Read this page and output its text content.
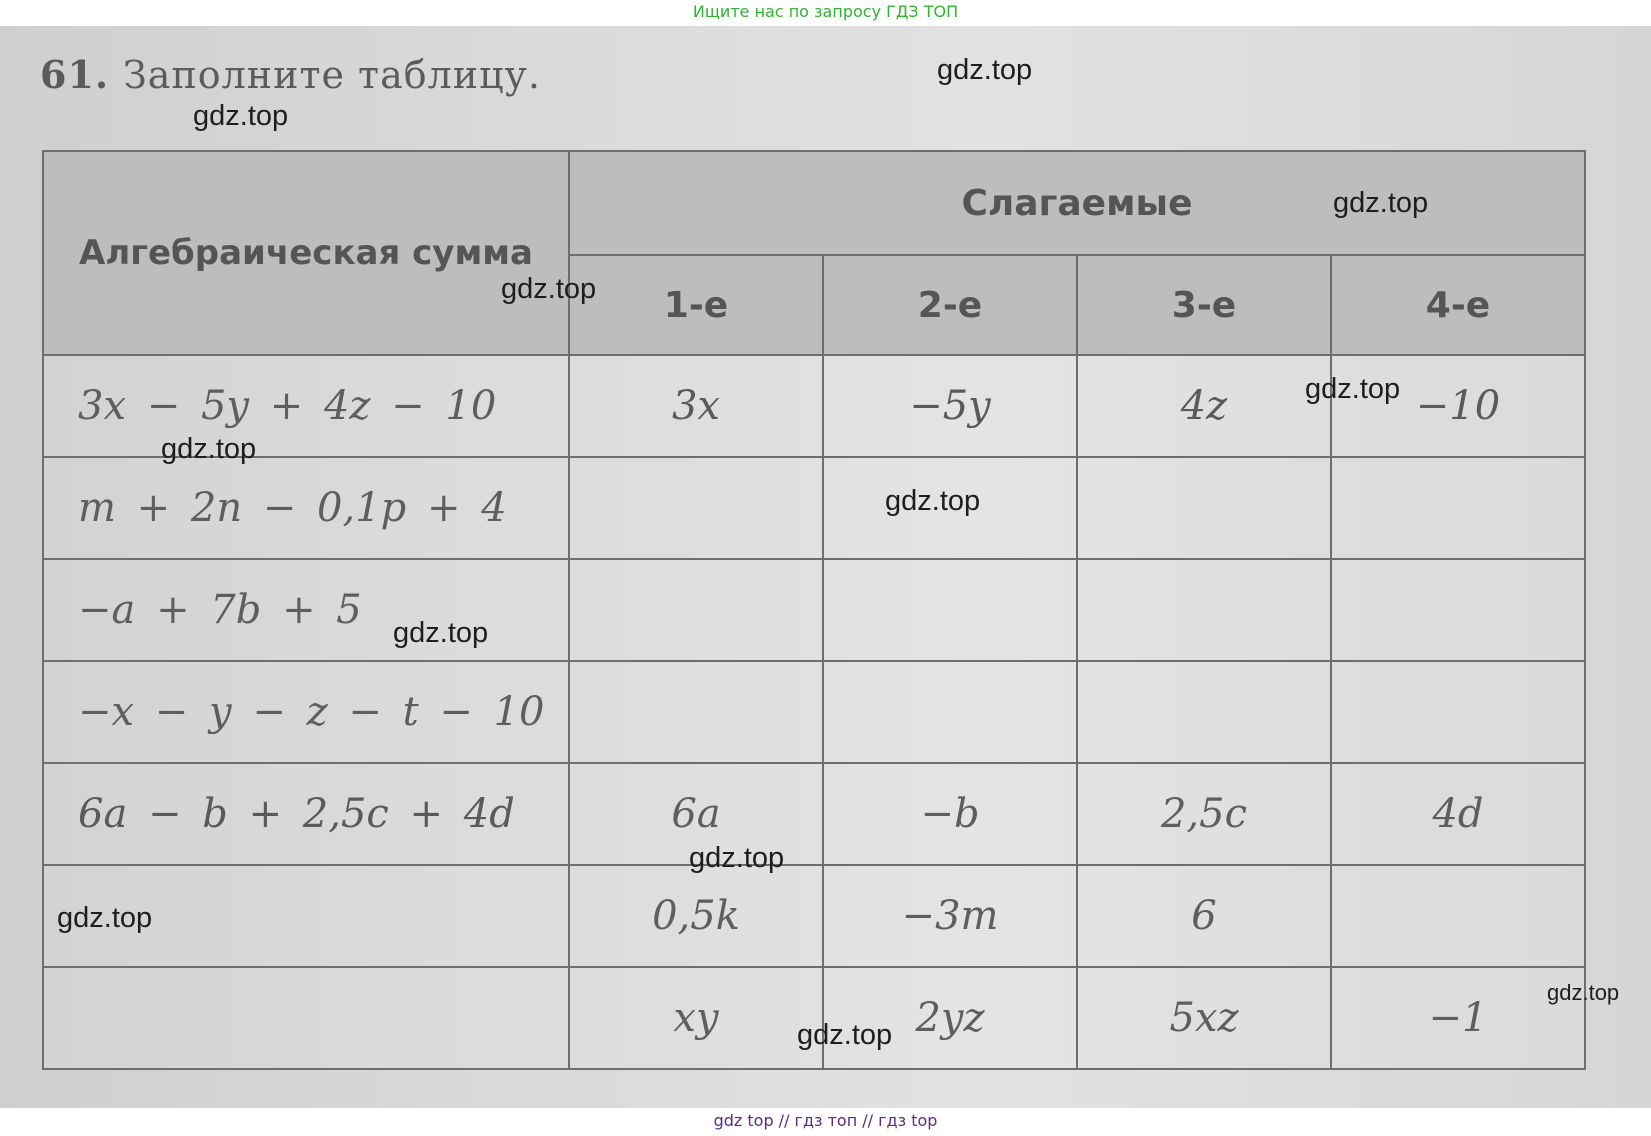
Ищите нас по запросу ГДЗ ТОП
61. Заполните таблицу.
Алгебраическая сумма	Слагаемые			
	1-е	2-е	3-е	4-е
3x − 5y + 4z − 10	3x	−5y	4z	−10
m + 2n − 0,1p + 4				
−a + 7b + 5				
−x − y − z − t − 10				
6a − b + 2,5c + 4d	6a	−b	2,5c	4d
	0,5k	−3m	6	
	xy	2yz	5xz	−1
gdz.top
gdz.top
gdz.top
gdz.top
gdz.top
gdz.top
gdz.top
gdz.top
gdz.top
gdz.top
gdz.top
gdz.top
gdz top // гдз топ // гдз top
